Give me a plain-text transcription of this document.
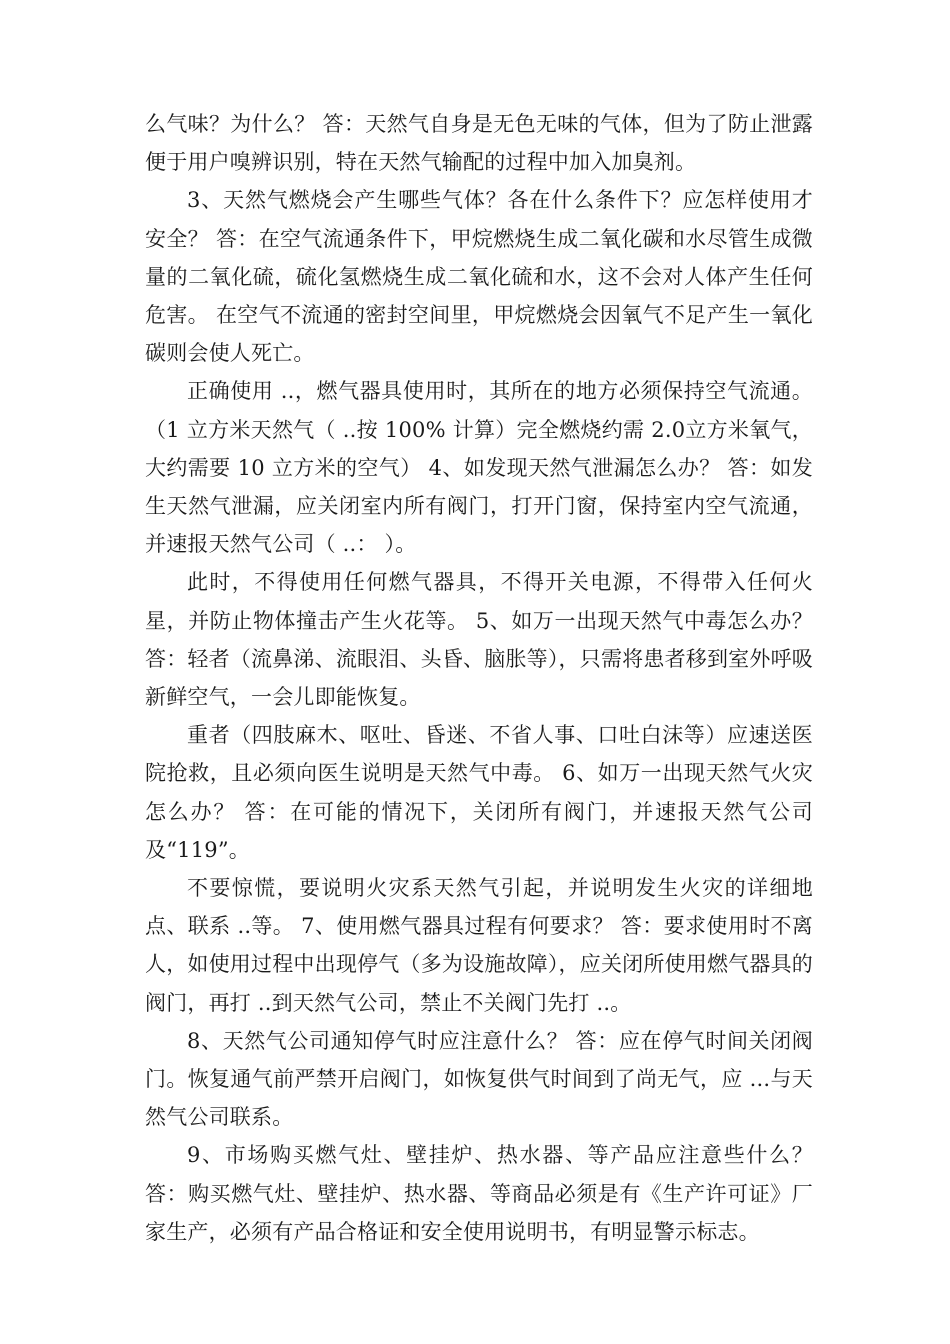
么气味？为什么？ 答：天然气自身是无色无味的气体，但为了防止泄露便于用户嗅辨识别，特在天然气输配的过程中加入加臭剂。

3、天然气燃烧会产生哪些气体？各在什么条件下？应怎样使用才安全？ 答：在空气流通条件下，甲烷燃烧生成二氧化碳和水尽管生成微量的二氧化硫，硫化氢燃烧生成二氧化硫和水，这不会对人体产生任何危害。 在空气不流通的密封空间里，甲烷燃烧会因氧气不足产生一氧化碳则会使人死亡。

正确使用 ..，燃气器具使用时，其所在的地方必须保持空气流通。（1 立方米天然气（ ..按 100% 计算）完全燃烧约需 2.0立方米氧气，大约需要 10 立方米的空气） 4、如发现天然气泄漏怎么办？ 答：如发生天然气泄漏，应关闭室内所有阀门，打开门窗，保持室内空气流通，并速报天然气公司（ ..： ）。

此时，不得使用任何燃气器具，不得开关电源，不得带入任何火星，并防止物体撞击产生火花等。 5、如万一出现天然气中毒怎么办？ 答：轻者（流鼻涕、流眼泪、头昏、脑胀等），只需将患者移到室外呼吸新鲜空气，一会儿即能恢复。

重者（四肢麻木、呕吐、昏迷、不省人事、口吐白沫等）应速送医院抢救，且必须向医生说明是天然气中毒。 6、如万一出现天然气火灾怎么办？ 答：在可能的情况下，关闭所有阀门，并速报天然气公司及“119”。

不要惊慌，要说明火灾系天然气引起，并说明发生火灾的详细地点、联系 ..等。 7、使用燃气器具过程有何要求？ 答：要求使用时不离人，如使用过程中出现停气（多为设施故障），应关闭所使用燃气器具的阀门，再打 ..到天然气公司，禁止不关阀门先打 ..。

8、天然气公司通知停气时应注意什么？ 答：应在停气时间关闭阀门。恢复通气前严禁开启阀门，如恢复供气时间到了尚无气，应 ...与天然气公司联系。

9、市场购买燃气灶、壁挂炉、热水器、等产品应注意些什么？ 答：购买燃气灶、壁挂炉、热水器、等商品必须是有《生产许可证》厂家生产，必须有产品合格证和安全使用说明书，有明显警示标志。
